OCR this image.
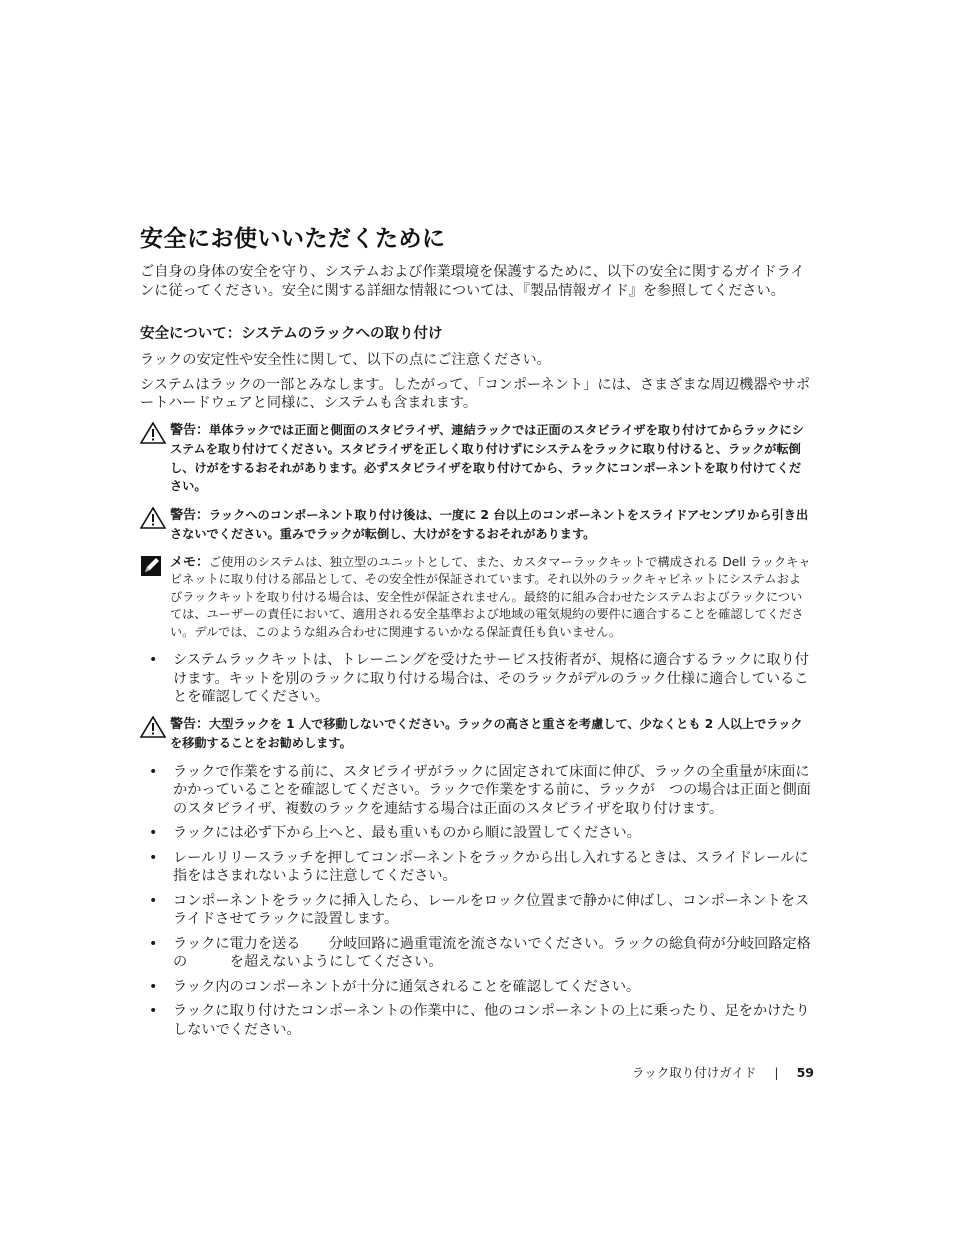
安全にお使いいただくために

ご自身の身体の安全を守り、システムおよび作業環境を保護するために、以下の安全に関するガイドラインに従ってください。安全に関する詳細な情報については、『製品情報ガイド』を参照してください。

安全について：システムのラックへの取り付け

ラックの安定性や安全性に関して、以下の点にご注意ください。

システムはラックの一部とみなします。したがって、「コンポーネント」には、さまざまな周辺機器やサポートハードウェアと同様に、システムも含まれます。

警告：単体ラックでは正面と側面のスタビライザ、連結ラックでは正面のスタビライザを取り付けてからラックにシステムを取り付けてください。スタビライザを正しく取り付けずにシステムをラックに取り付けると、ラックが転倒し、けがをするおそれがあります。必ずスタビライザを取り付けてから、ラックにコンポーネントを取り付けてください。
警告：ラックへのコンポーネント取り付け後は、一度に 2 台以上のコンポーネントをスライドアセンブリから引き出さないでください。重みでラックが転倒し、大けがをするおそれがあります。
メモ：ご使用のシステムは、独立型のユニットとして、また、カスタマーラックキットで構成される Dell ラックキャビネットに取り付ける部品として、その安全性が保証されています。それ以外のラックキャビネットにシステムおよびラックキットを取り付ける場合は、安全性が保証されません。最終的に組み合わせたシステムおよびラックについては、ユーザーの責任において、適用される安全基準および地域の電気規約の要件に適合することを確認してください。デルでは、このような組み合わせに関連するいかなる保証責任も負いません。
• システムラックキットは、トレーニングを受けたサービス技術者が、規格に適合するラックに取り付けます。キットを別のラックに取り付ける場合は、そのラックがデルのラック仕様に適合していることを確認してください。
警告：大型ラックを 1 人で移動しないでください。ラックの高さと重さを考慮して、少なくとも 2 人以上でラックを移動することをお勧めします。
• ラックで作業をする前に、スタビライザがラックに固定されて床面に伸び、ラックの全重量が床面にかかっていることを確認してください。ラックで作業をする前に、ラックが　つの場合は正面と側面のスタビライザ、複数のラックを連結する場合は正面のスタビライザを取り付けます。
• ラックには必ず下から上へと、最も重いものから順に設置してください。
• レールリリースラッチを押してコンポーネントをラックから出し入れするときは、スライドレールに指をはさまれないように注意してください。
• コンポーネントをラックに挿入したら、レールをロック位置まで静かに伸ばし、コンポーネントをスライドさせてラックに設置します。
• ラックに電力を送る　　分岐回路に過重電流を流さないでください。ラックの総負荷が分岐回路定格の　　　を超えないようにしてください。
• ラック内のコンポーネントが十分に通気されることを確認してください。
• ラックに取り付けたコンポーネントの作業中に、他のコンポーネントの上に乗ったり、足をかけたりしないでください。
ラック取り付けガイド | 59
